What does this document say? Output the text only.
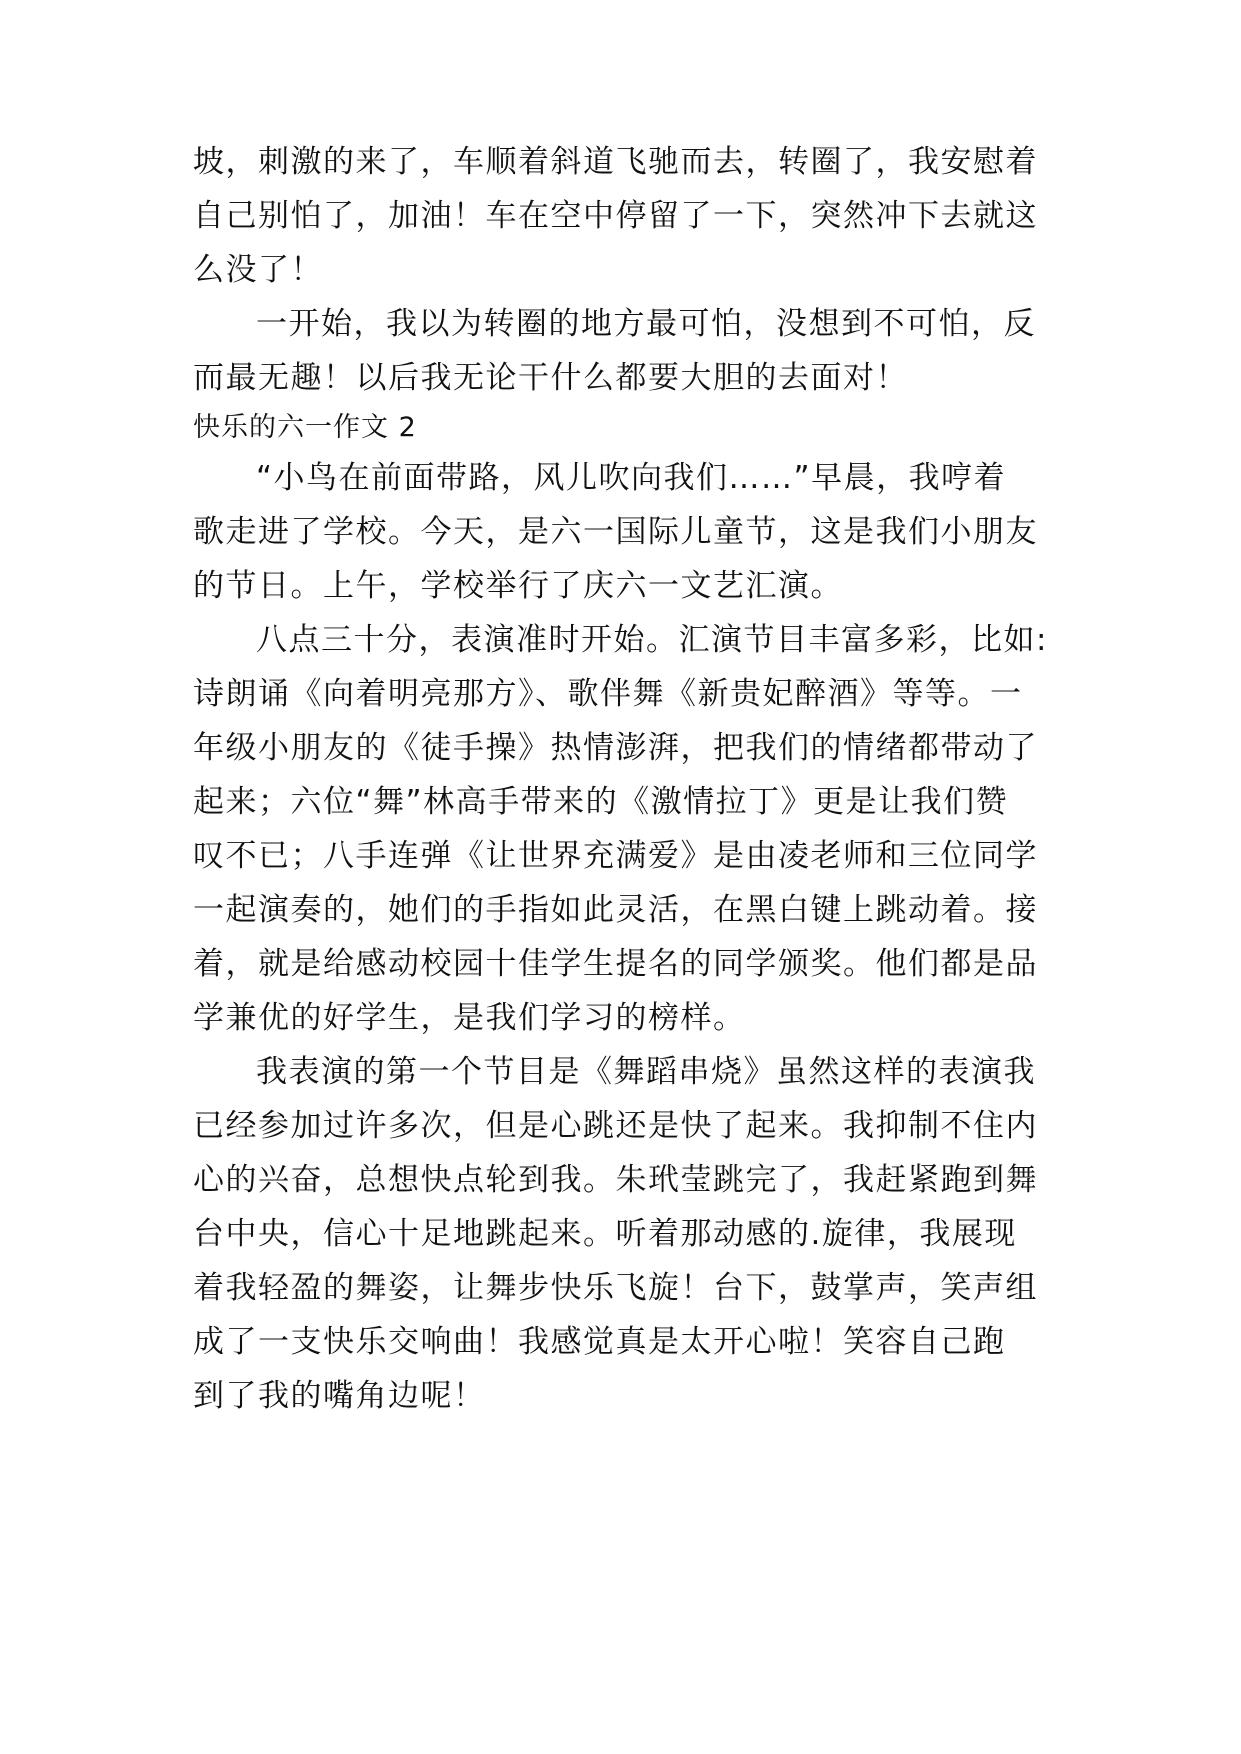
坡，刺激的来了，车顺着斜道飞驰而去，转圈了，我安慰着
自己别怕了，加油！车在空中停留了一下，突然冲下去就这
么没了！
一开始，我以为转圈的地方最可怕，没想到不可怕，反
而最无趣！以后我无论干什么都要大胆的去面对！
快乐的六一作文 2
“小鸟在前面带路，风儿吹向我们……”早晨，我哼着
歌走进了学校。今天，是六一国际儿童节，这是我们小朋友
的节日。上午，学校举行了庆六一文艺汇演。
八点三十分，表演准时开始。汇演节目丰富多彩，比如:
诗朗诵《向着明亮那方》、歌伴舞《新贵妃醉酒》等等。一
年级小朋友的《徒手操》热情澎湃，把我们的情绪都带动了
起来；六位“舞”林高手带来的《激情拉丁》更是让我们赞
叹不已；八手连弹《让世界充满爱》是由凌老师和三位同学
一起演奏的，她们的手指如此灵活，在黑白键上跳动着。接
着，就是给感动校园十佳学生提名的同学颁奖。他们都是品
学兼优的好学生，是我们学习的榜样。
我表演的第一个节目是《舞蹈串烧》虽然这样的表演我
已经参加过许多次，但是心跳还是快了起来。我抑制不住内
心的兴奋，总想快点轮到我。朱玳莹跳完了，我赶紧跑到舞
台中央，信心十足地跳起来。听着那动感的.旋律，我展现
着我轻盈的舞姿，让舞步快乐飞旋！台下，鼓掌声，笑声组
成了一支快乐交响曲！我感觉真是太开心啦！笑容自己跑
到了我的嘴角边呢！
